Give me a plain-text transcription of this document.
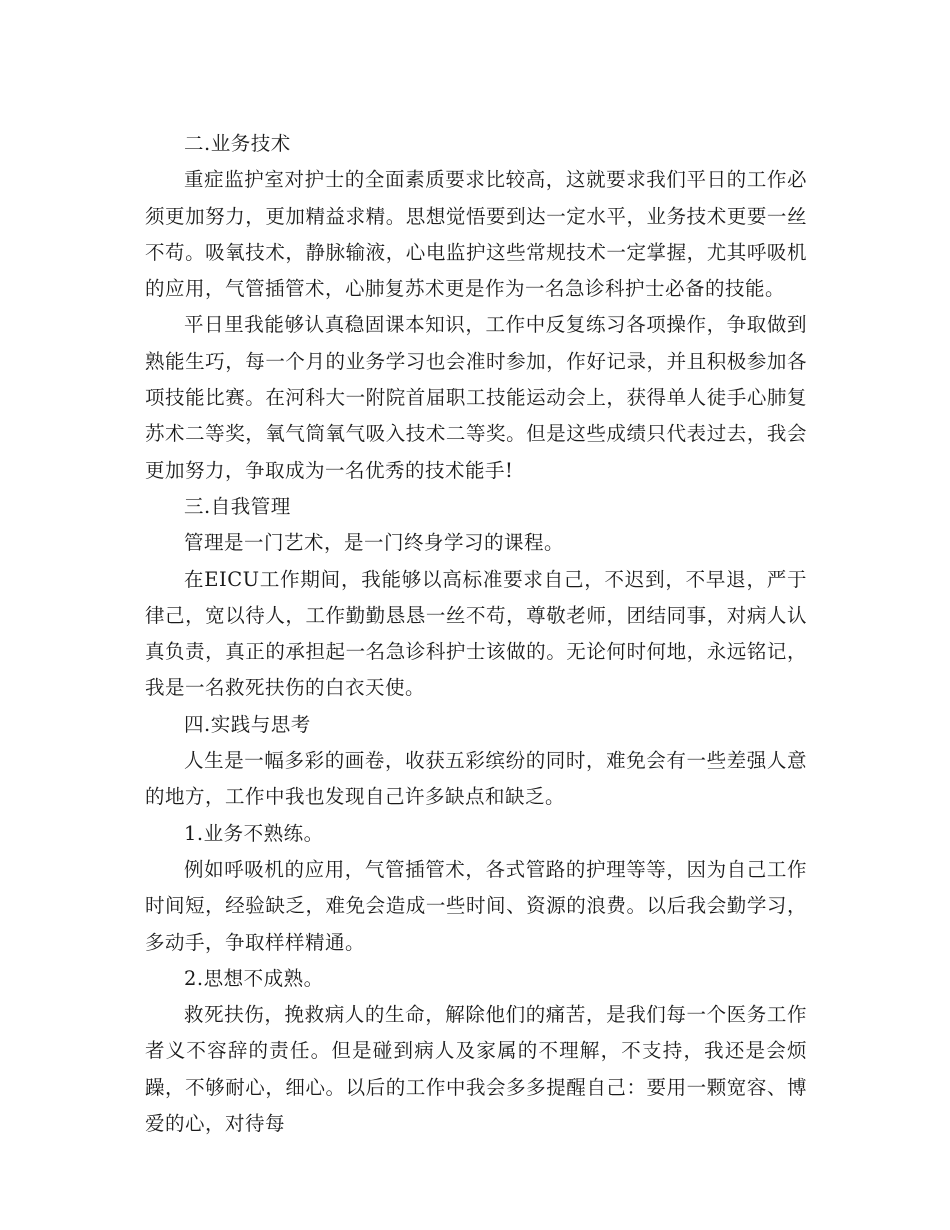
二.业务技术

重症监护室对护士的全面素质要求比较高，这就要求我们平日的工作必须更加努力，更加精益求精。思想觉悟要到达一定水平，业务技术更要一丝不苟。吸氧技术，静脉输液，心电监护这些常规技术一定掌握，尤其呼吸机的应用，气管插管术，心肺复苏术更是作为一名急诊科护士必备的技能。

平日里我能够认真稳固课本知识，工作中反复练习各项操作，争取做到熟能生巧，每一个月的业务学习也会准时参加，作好记录，并且积极参加各项技能比赛。在河科大一附院首届职工技能运动会上，获得单人徒手心肺复苏术二等奖，氧气筒氧气吸入技术二等奖。但是这些成绩只代表过去，我会更加努力，争取成为一名优秀的技术能手!

三.自我管理

管理是一门艺术，是一门终身学习的课程。

在EICU工作期间，我能够以高标准要求自己，不迟到，不早退，严于律己，宽以待人，工作勤勤恳恳一丝不苟，尊敬老师，团结同事，对病人认真负责，真正的承担起一名急诊科护士该做的。无论何时何地，永远铭记，我是一名救死扶伤的白衣天使。

四.实践与思考

人生是一幅多彩的画卷，收获五彩缤纷的同时，难免会有一些差强人意的地方，工作中我也发现自己许多缺点和缺乏。

1.业务不熟练。

例如呼吸机的应用，气管插管术，各式管路的护理等等，因为自己工作时间短，经验缺乏，难免会造成一些时间、资源的浪费。以后我会勤学习，多动手，争取样样精通。

2.思想不成熟。

救死扶伤，挽救病人的生命，解除他们的痛苦，是我们每一个医务工作者义不容辞的责任。但是碰到病人及家属的不理解，不支持，我还是会烦躁，不够耐心，细心。以后的工作中我会多多提醒自己：要用一颗宽容、博爱的心，对待每
